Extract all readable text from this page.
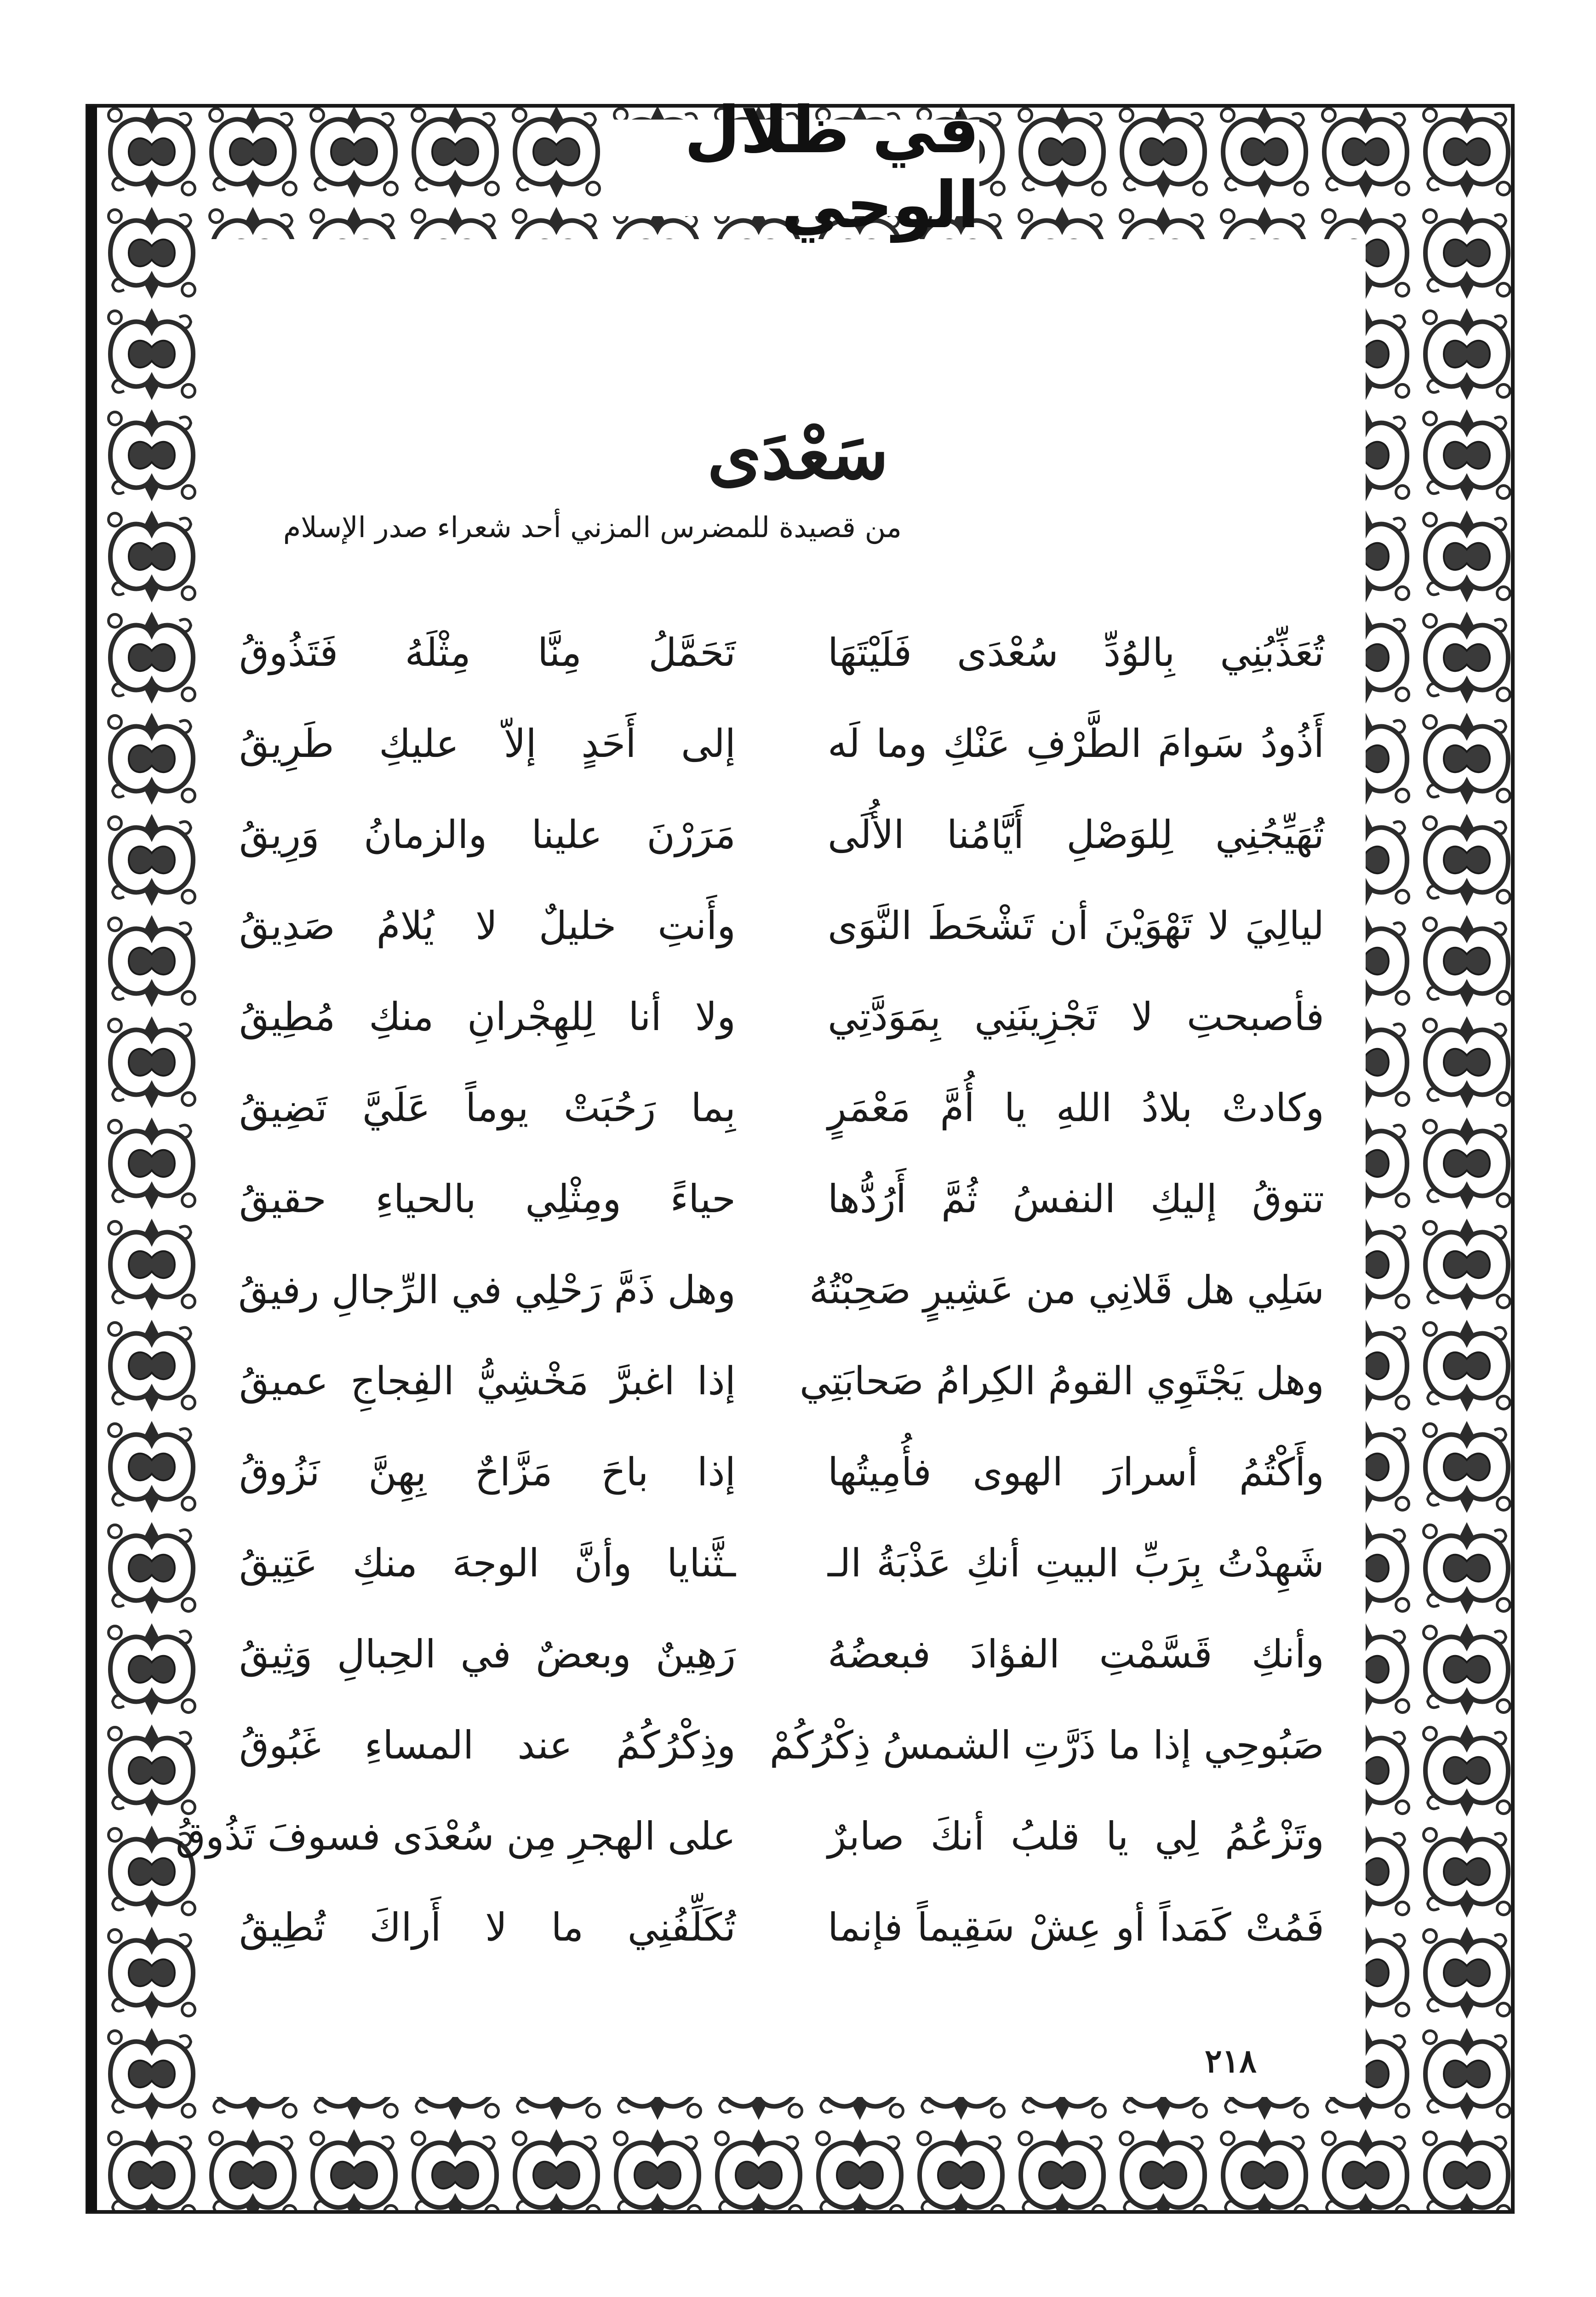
في ظلال الوحي
سَعْدَى
من قصيدة للمضرس المزني أحد شعراء صدر الإسلام
تُعَذِّبُنِي بِالوُدِّ سُعْدَى فَلَيْتَهَا
تَحَمَّلُ مِنَّا مِثْلَهُ فَتَذُوقُ
أَذُودُ سَوامَ الطَّرْفِ عَنْكِ وما لَه
إلى أَحَدٍ إلاّ عليكِ طَرِيقُ
تُهَيِّجُنِي لِلوَصْلِ أَيَّامُنا الأُلَى
مَرَرْنَ علينا والزمانُ وَرِيقُ
ليالِيَ لا تَهْوَيْنَ أن تَشْحَطَ النَّوَى
وأَنتِ خليلٌ لا يُلامُ صَدِيقُ
فأصبحتِ لا تَجْزِينَنِي بِمَوَدَّتِي
ولا أنا لِلهِجْرانِ منكِ مُطِيقُ
وكادتْ بلادُ اللهِ يا أُمَّ مَعْمَرٍ
بِما رَحُبَتْ يوماً عَلَيَّ تَضِيقُ
تتوقُ إليكِ النفسُ ثُمَّ أَرُدُّها
حياءً ومِثْلِي بالحياءِ حقيقُ
سَلِي هل قَلانِي من عَشِيرٍ صَحِبْتُهُ
وهل ذَمَّ رَحْلِي في الرِّجالِ رفيقُ
وهل يَجْتَوِي القومُ الكِرامُ صَحابَتِي
إذا اغبرَّ مَخْشِيُّ الفِجاجِ عميقُ
وأَكْتُمُ أسرارَ الهوى فأُمِيتُها
إذا باحَ مَزَّاحٌ بِهِنَّ نَزُوقُ
شَهِدْتُ بِرَبِّ البيتِ أنكِ عَذْبَةُ الـ
ـثَّنايا وأنَّ الوجهَ منكِ عَتِيقُ
وأنكِ قَسَّمْتِ الفؤادَ فبعضُهُ
رَهِينٌ وبعضٌ في الحِبالِ وَثِيقُ
صَبُوحِي إذا ما ذَرَّتِ الشمسُ ذِكْرُكُمْ
وذِكْرُكُمُ عند المساءِ غَبُوقُ
وتَزْعُمُ لِي يا قلبُ أنكَ صابرٌ
على الهجرِ مِن سُعْدَى فسوفَ تَذُوقُ
فَمُتْ كَمَداً أو عِشْ سَقِيماً فإنما
تُكَلِّفُنِي ما لا أَراكَ تُطِيقُ
٢١٨
